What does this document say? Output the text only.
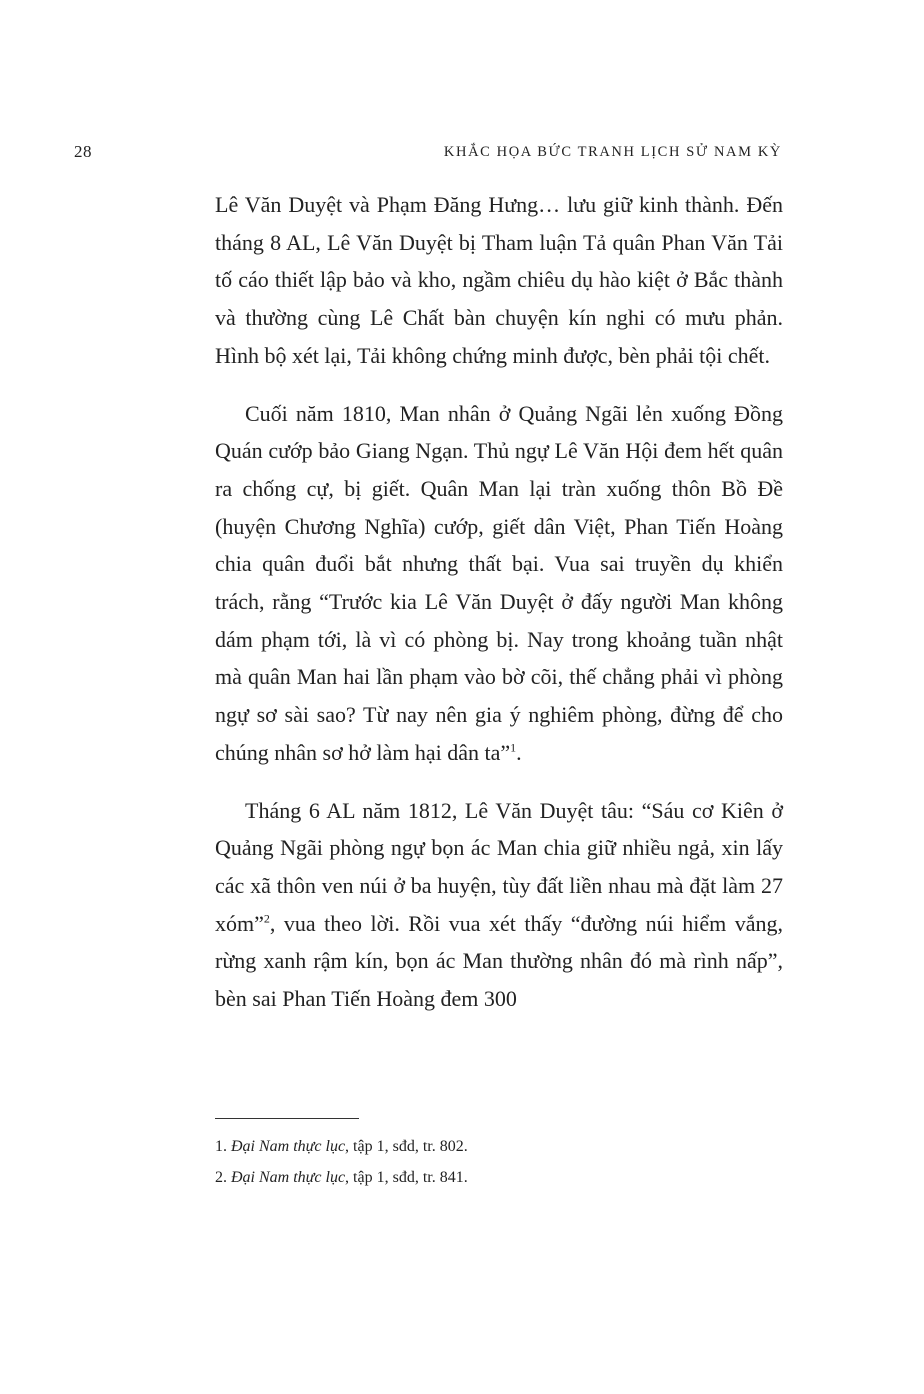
28	KHẮC HỌA BỨC TRANH LỊCH SỬ NAM KỲ

Lê Văn Duyệt và Phạm Đăng Hưng… lưu giữ kinh thành. Đến tháng 8 AL, Lê Văn Duyệt bị Tham luận Tả quân Phan Văn Tải tố cáo thiết lập bảo và kho, ngầm chiêu dụ hào kiệt ở Bắc thành và thường cùng Lê Chất bàn chuyện kín nghi có mưu phản. Hình bộ xét lại, Tải không chứng minh được, bèn phải tội chết.

Cuối năm 1810, Man nhân ở Quảng Ngãi lẻn xuống Đồng Quán cướp bảo Giang Ngạn. Thủ ngự Lê Văn Hội đem hết quân ra chống cự, bị giết. Quân Man lại tràn xuống thôn Bồ Đề (huyện Chương Nghĩa) cướp, giết dân Việt, Phan Tiến Hoàng chia quân đuổi bắt nhưng thất bại. Vua sai truyền dụ khiển trách, rằng “Trước kia Lê Văn Duyệt ở đấy người Man không dám phạm tới, là vì có phòng bị. Nay trong khoảng tuần nhật mà quân Man hai lần phạm vào bờ cõi, thế chẳng phải vì phòng ngự sơ sài sao? Từ nay nên gia ý nghiêm phòng, đừng để cho chúng nhân sơ hở làm hại dân ta”$^1$.

Tháng 6 AL năm 1812, Lê Văn Duyệt tâu: “Sáu cơ Kiên ở Quảng Ngãi phòng ngự bọn ác Man chia giữ nhiều ngả, xin lấy các xã thôn ven núi ở ba huyện, tùy đất liền nhau mà đặt làm 27 xóm”$^2$, vua theo lời. Rồi vua xét thấy “đường núi hiểm vắng, rừng xanh rậm kín, bọn ác Man thường nhân đó mà rình nấp”, bèn sai Phan Tiến Hoàng đem 300

1. Đại Nam thực lục, tập 1, sđd, tr. 802.

2. Đại Nam thực lục, tập 1, sđd, tr. 841.
